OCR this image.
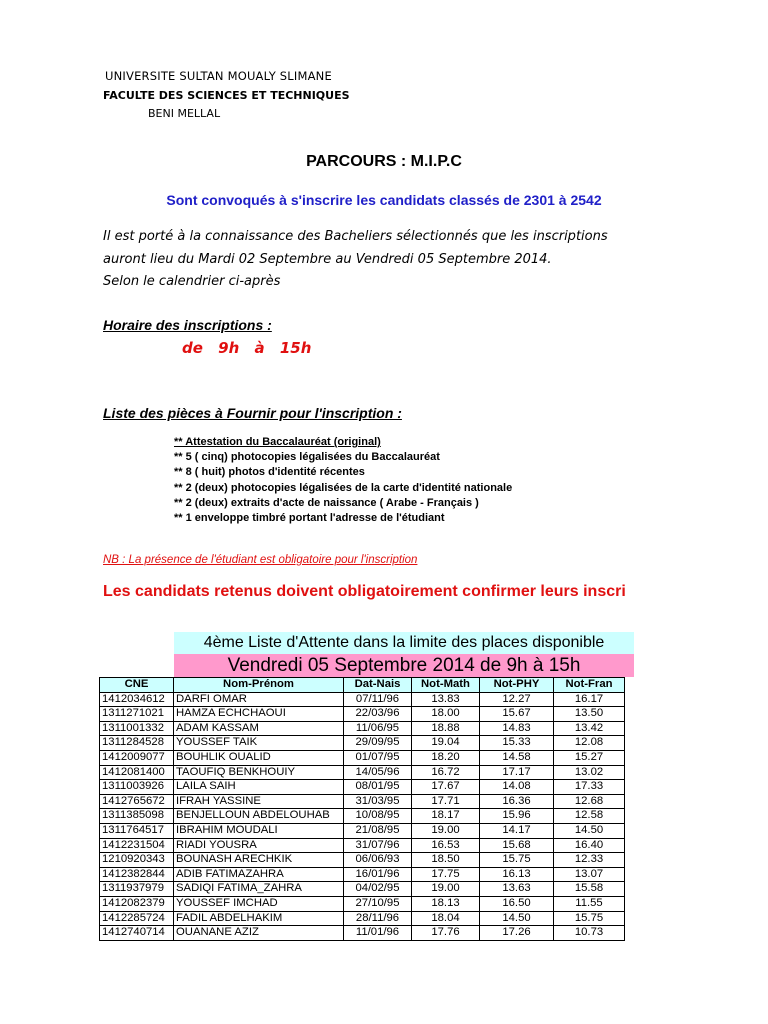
UNIVERSITE SULTAN MOUALY SLIMANE
FACULTE DES SCIENCES ET TECHNIQUES
BENI MELLAL
PARCOURS : M.I.P.C
Sont convoqués à s'inscrire les candidats classés de 2301 à 2542
Il est porté à la connaissance des Bacheliers sélectionnés que les inscriptions
auront lieu du Mardi 02 Septembre au Vendredi 05 Septembre 2014.
Selon le calendrier ci-après
Horaire des inscriptions :
de 9h à 15h
Liste des pièces à Fournir pour l'inscription :
** Attestation du Baccalauréat (original)
** 5 ( cinq) photocopies légalisées du Baccalauréat
** 8 ( huit) photos d'identité récentes
** 2 (deux) photocopies légalisées de la carte d'identité nationale
** 2 (deux) extraits d'acte de naissance ( Arabe - Français )
** 1 enveloppe timbré portant l'adresse de l'étudiant
NB : La présence de l'étudiant est obligatoire pour l'inscription
Les candidats retenus doivent obligatoirement confirmer leurs inscri
4ème Liste d'Attente dans la limite des places disponible
Vendredi 05 Septembre 2014 de 9h à 15h
CNE	Nom-Prénom	Dat-Nais	Not-Math	Not-PHY	Not-Fran
1412034612	DARFI OMAR	07/11/96	13.83	12.27	16.17
1311271021	HAMZA ECHCHAOUI	22/03/96	18.00	15.67	13.50
1311001332	ADAM KASSAM	11/06/95	18.88	14.83	13.42
1311284528	YOUSSEF TAIK	29/09/95	19.04	15.33	12.08
1412009077	BOUHLIK OUALID	01/07/95	18.20	14.58	15.27
1412081400	TAOUFIQ BENKHOUIY	14/05/96	16.72	17.17	13.02
1311003926	LAILA SAIH	08/01/95	17.67	14.08	17.33
1412765672	IFRAH YASSINE	31/03/95	17.71	16.36	12.68
1311385098	BENJELLOUN ABDELOUHAB	10/08/95	18.17	15.96	12.58
1311764517	IBRAHIM MOUDALI	21/08/95	19.00	14.17	14.50
1412231504	RIADI YOUSRA	31/07/96	16.53	15.68	16.40
1210920343	BOUNASH ARECHKIK	06/06/93	18.50	15.75	12.33
1412382844	ADIB FATIMAZAHRA	16/01/96	17.75	16.13	13.07
1311937979	SADIQI FATIMA_ZAHRA	04/02/95	19.00	13.63	15.58
1412082379	YOUSSEF IMCHAD	27/10/95	18.13	16.50	11.55
1412285724	FADIL ABDELHAKIM	28/11/96	18.04	14.50	15.75
1412740714	OUANANE AZIZ	11/01/96	17.76	17.26	10.73
